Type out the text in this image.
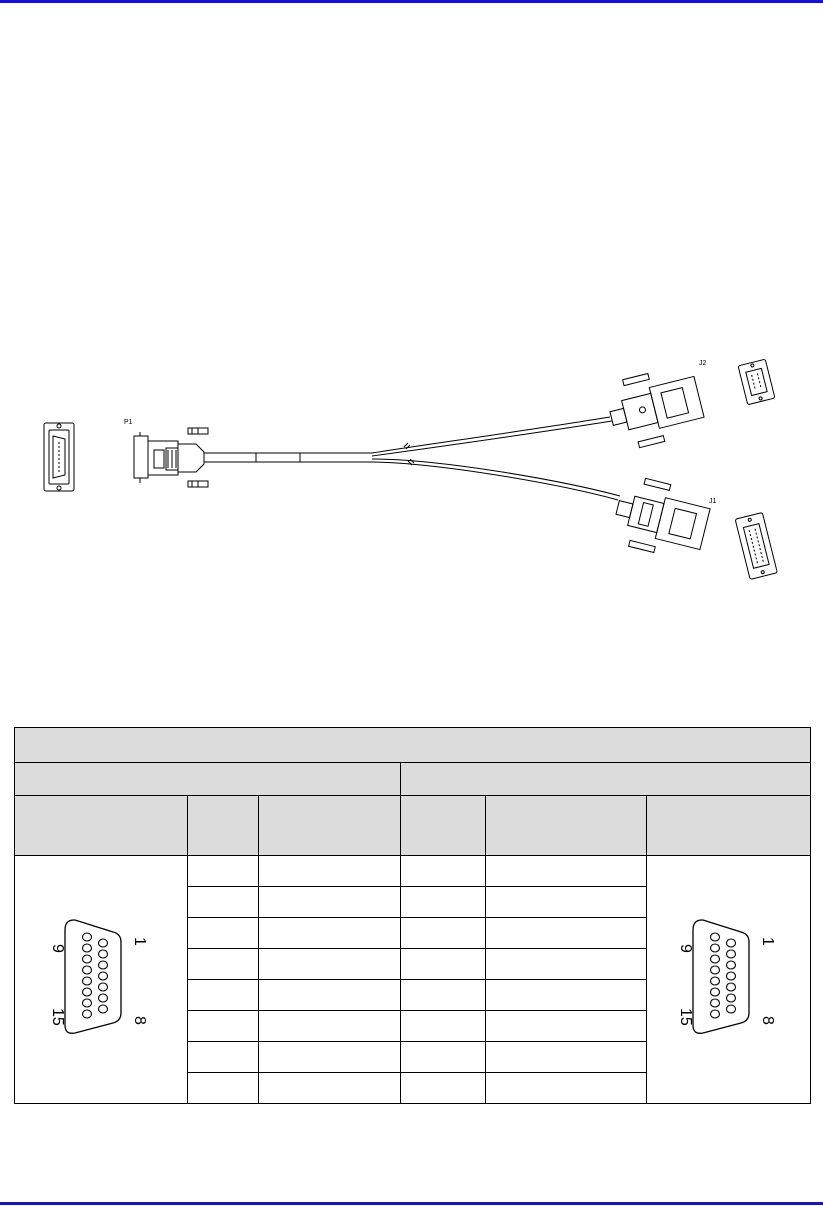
P1
J2
J1

1
9
15 8					1
9
15 8
